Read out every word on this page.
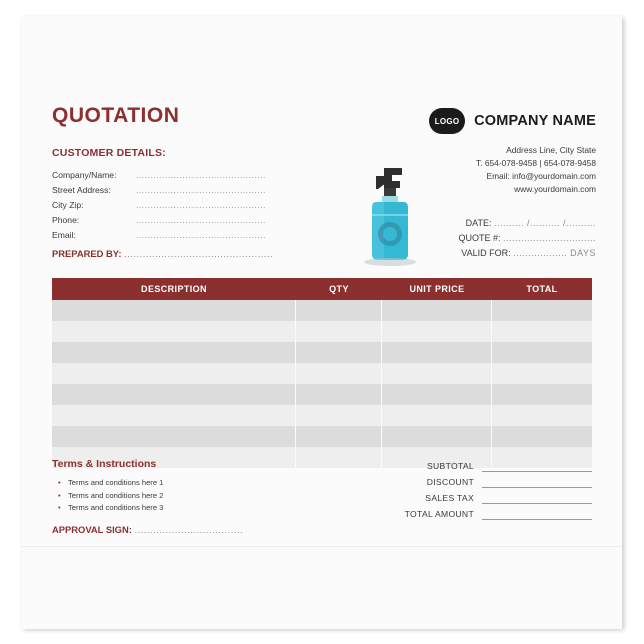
QUOTATION
CUSTOMER DETAILS:
Company/Name: .............................................
Street Address:	.............................................
City Zip:	.............................................
Phone:	.............................................
Email:	.............................................
PREPARED BY: ................................................
LOGO	COMPANY NAME
Address Line, City State
T. 654-078-9458 | 654-078-9458
Email: info@yourdomain.com
www.yourdomain.com
DATE: .......... /.......... /..........
QUOTE #: ...............................
VALID FOR: .................. DAYS
DESCRIPTION	QTY	UNIT PRICE	TOTAL
Terms & Instructions
• Terms and conditions here 1
• Terms and conditions here 2
• Terms and conditions here 3
APPROVAL SIGN: ...................................
SUBTOTAL
DISCOUNT
SALES TAX
TOTAL AMOUNT
